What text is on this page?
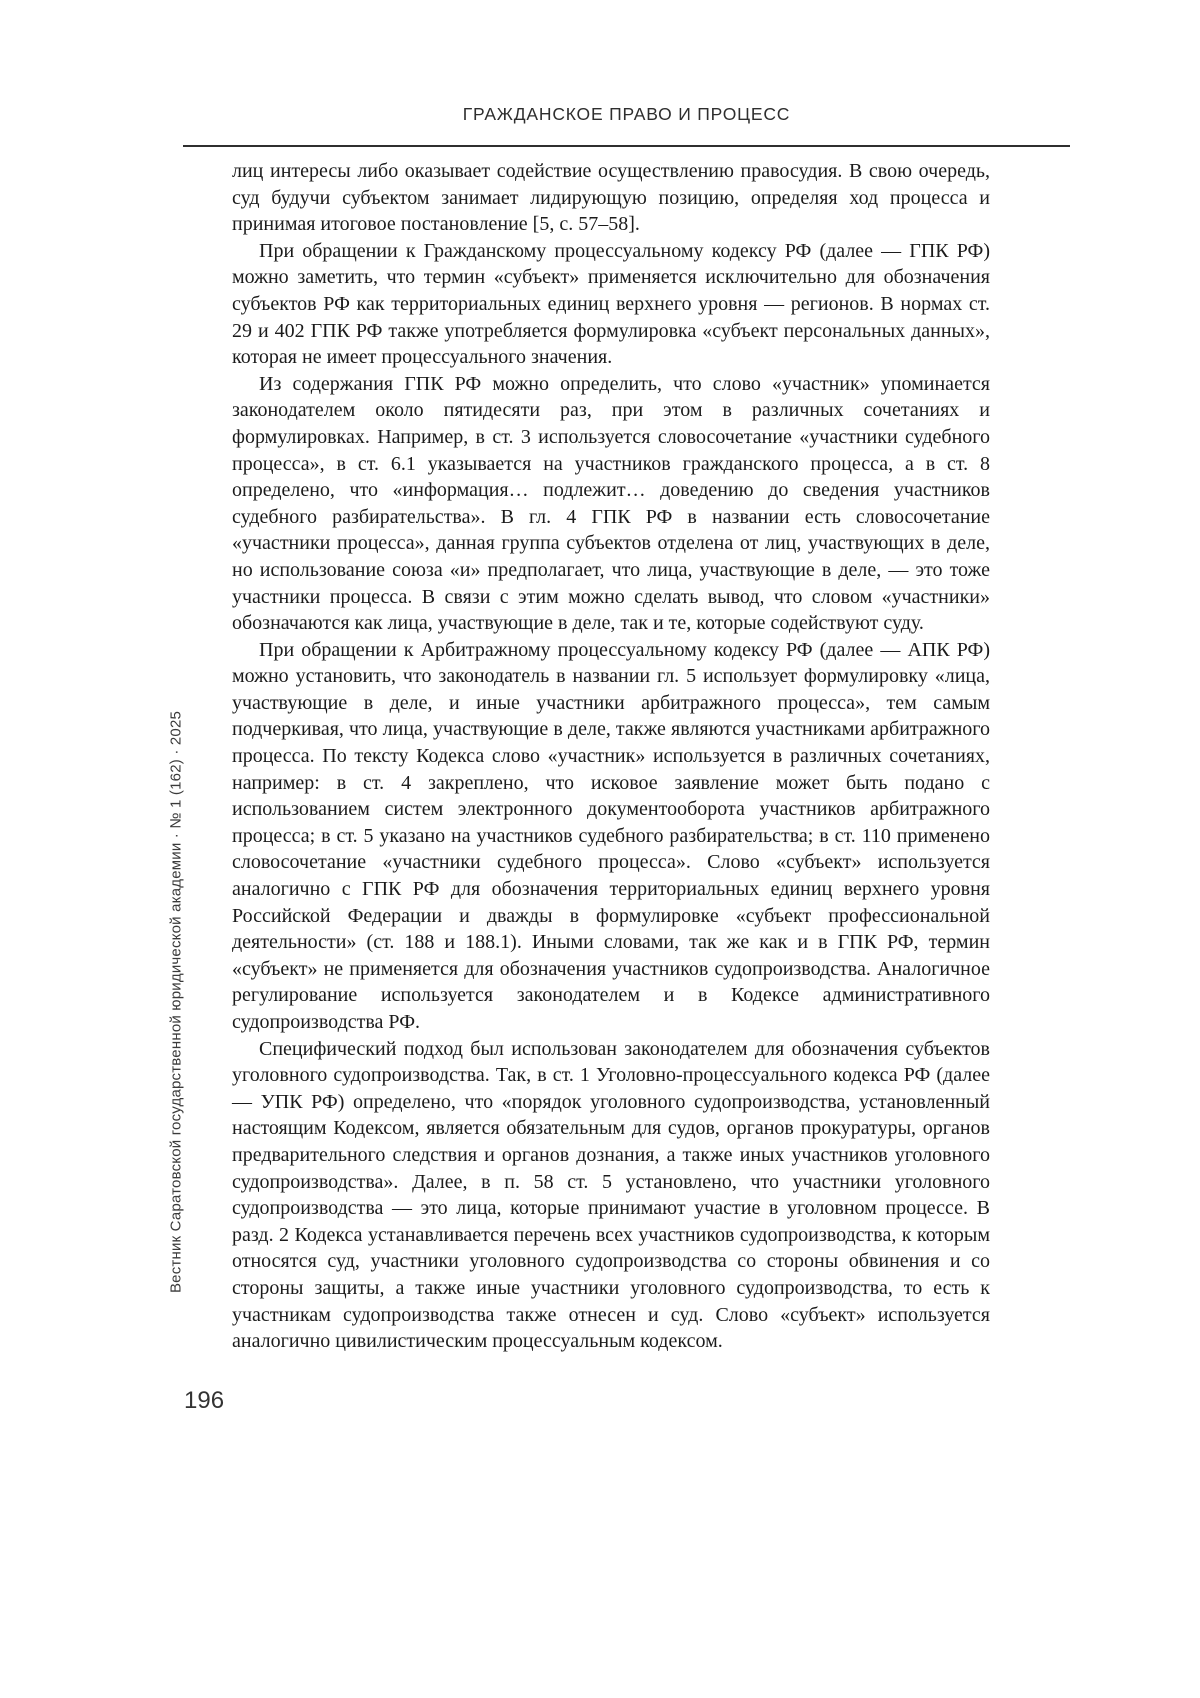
ГРАЖДАНСКОЕ ПРАВО И ПРОЦЕСС

лиц интересы либо оказывает содействие осуществлению правосудия. В свою очередь, суд будучи субъектом занимает лидирующую позицию, определяя ход процесса и принимая итоговое постановление [5, с. 57–58].

При обращении к Гражданскому процессуальному кодексу РФ (далее — ГПК РФ) можно заметить, что термин «субъект» применяется исключительно для обозначения субъектов РФ как территориальных единиц верхнего уровня — регионов. В нормах ст. 29 и 402 ГПК РФ также употребляется формулировка «субъект персональных данных», которая не имеет процессуального значения.

Из содержания ГПК РФ можно определить, что слово «участник» упоминается законодателем около пятидесяти раз, при этом в различных сочетаниях и формулировках. Например, в ст. 3 используется словосочетание «участники судебного процесса», в ст. 6.1 указывается на участников гражданского процесса, а в ст. 8 определено, что «информация… подлежит… доведению до сведения участников судебного разбирательства». В гл. 4 ГПК РФ в названии есть словосочетание «участники процесса», данная группа субъектов отделена от лиц, участвующих в деле, но использование союза «и» предполагает, что лица, участвующие в деле, — это тоже участники процесса. В связи с этим можно сделать вывод, что словом «участники» обозначаются как лица, участвующие в деле, так и те, которые содействуют суду.

При обращении к Арбитражному процессуальному кодексу РФ (далее — АПК РФ) можно установить, что законодатель в названии гл. 5 использует формулировку «лица, участвующие в деле, и иные участники арбитражного процесса», тем самым подчеркивая, что лица, участвующие в деле, также являются участниками арбитражного процесса. По тексту Кодекса слово «участник» используется в различных сочетаниях, например: в ст. 4 закреплено, что исковое заявление может быть подано с использованием систем электронного документооборота участников арбитражного процесса; в ст. 5 указано на участников судебного разбирательства; в ст. 110 применено словосочетание «участники судебного процесса». Слово «субъект» используется аналогично с ГПК РФ для обозначения территориальных единиц верхнего уровня Российской Федерации и дважды в формулировке «субъект профессиональной деятельности» (ст. 188 и 188.1). Иными словами, так же как и в ГПК РФ, термин «субъект» не применяется для обозначения участников судопроизводства. Аналогичное регулирование используется законодателем и в Кодексе административного судопроизводства РФ.

Специфический подход был использован законодателем для обозначения субъектов уголовного судопроизводства. Так, в ст. 1 Уголовно-процессуального кодекса РФ (далее — УПК РФ) определено, что «порядок уголовного судопроизводства, установленный настоящим Кодексом, является обязательным для судов, органов прокуратуры, органов предварительного следствия и органов дознания, а также иных участников уголовного судопроизводства». Далее, в п. 58 ст. 5 установлено, что участники уголовного судопроизводства — это лица, которые принимают участие в уголовном процессе. В разд. 2 Кодекса устанавливается перечень всех участников судопроизводства, к которым относятся суд, участники уголовного судопроизводства со стороны обвинения и со стороны защиты, а также иные участники уголовного судопроизводства, то есть к участникам судопроизводства также отнесен и суд. Слово «субъект» используется аналогично цивилистическим процессуальным кодексом.

Вестник Саратовской государственной юридической академии · № 1 (162) · 2025
196
